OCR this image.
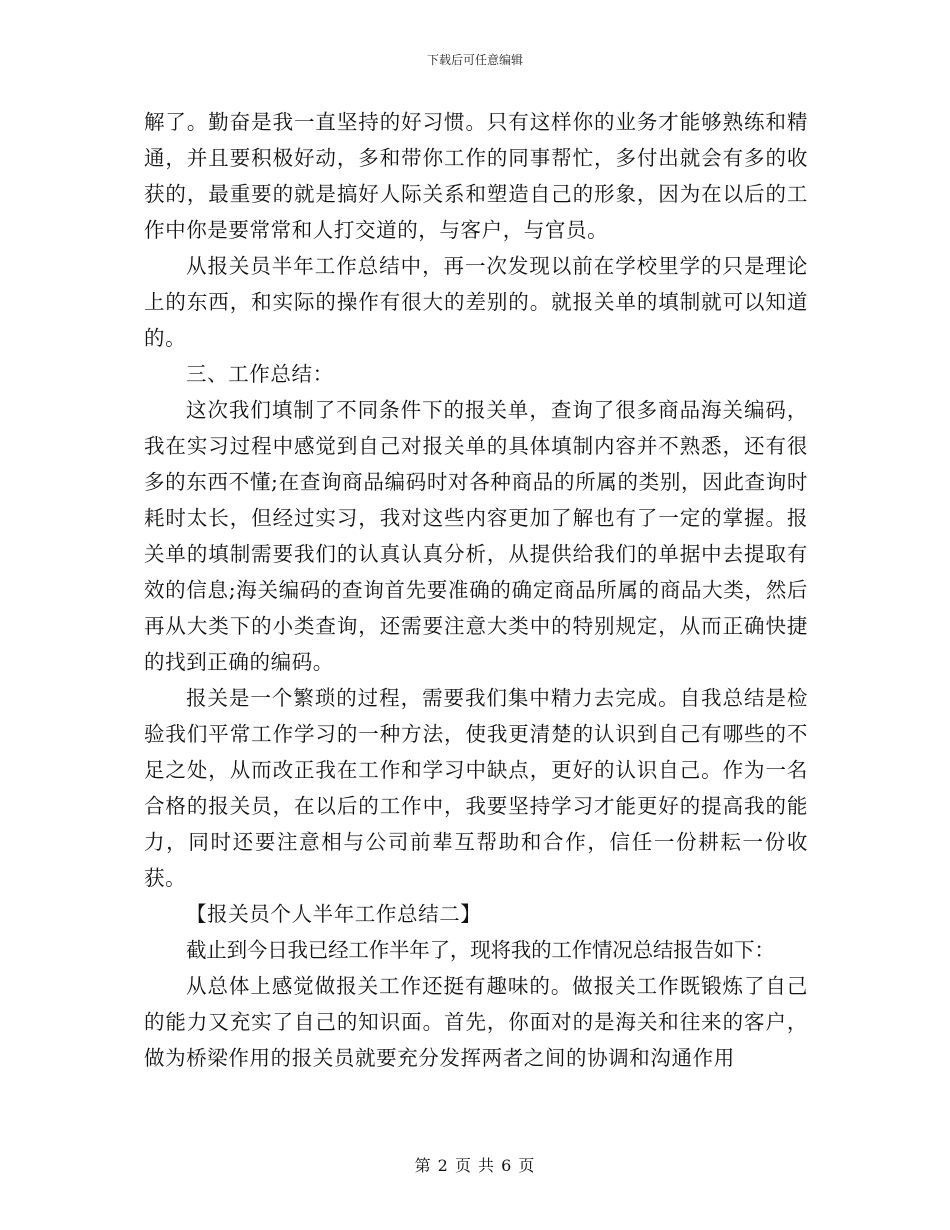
下载后可任意编辑

解了。勤奋是我一直坚持的好习惯。只有这样你的业务才能够熟练和精通，并且要积极好动，多和带你工作的同事帮忙，多付出就会有多的收获的，最重要的就是搞好人际关系和塑造自己的形象，因为在以后的工作中你是要常常和人打交道的，与客户，与官员。

从报关员半年工作总结中，再一次发现以前在学校里学的只是理论上的东西，和实际的操作有很大的差别的。就报关单的填制就可以知道的。

三、工作总结：

这次我们填制了不同条件下的报关单，查询了很多商品海关编码，我在实习过程中感觉到自己对报关单的具体填制内容并不熟悉，还有很多的东西不懂;在查询商品编码时对各种商品的所属的类别，因此查询时耗时太长，但经过实习，我对这些内容更加了解也有了一定的掌握。报关单的填制需要我们的认真认真分析，从提供给我们的单据中去提取有效的信息;海关编码的查询首先要准确的确定商品所属的商品大类，然后再从大类下的小类查询，还需要注意大类中的特别规定，从而正确快捷的找到正确的编码。

报关是一个繁琐的过程，需要我们集中精力去完成。自我总结是检验我们平常工作学习的一种方法，使我更清楚的认识到自己有哪些的不足之处，从而改正我在工作和学习中缺点，更好的认识自己。作为一名合格的报关员，在以后的工作中，我要坚持学习才能更好的提高我的能力，同时还要注意相与公司前辈互帮助和合作，信任一份耕耘一份收获。

【报关员个人半年工作总结二】

截止到今日我已经工作半年了，现将我的工作情况总结报告如下：

从总体上感觉做报关工作还挺有趣味的。做报关工作既锻炼了自己的能力又充实了自己的知识面。首先，你面对的是海关和往来的客户，做为桥梁作用的报关员就要充分发挥两者之间的协调和沟通作用

第 2 页 共 6 页
